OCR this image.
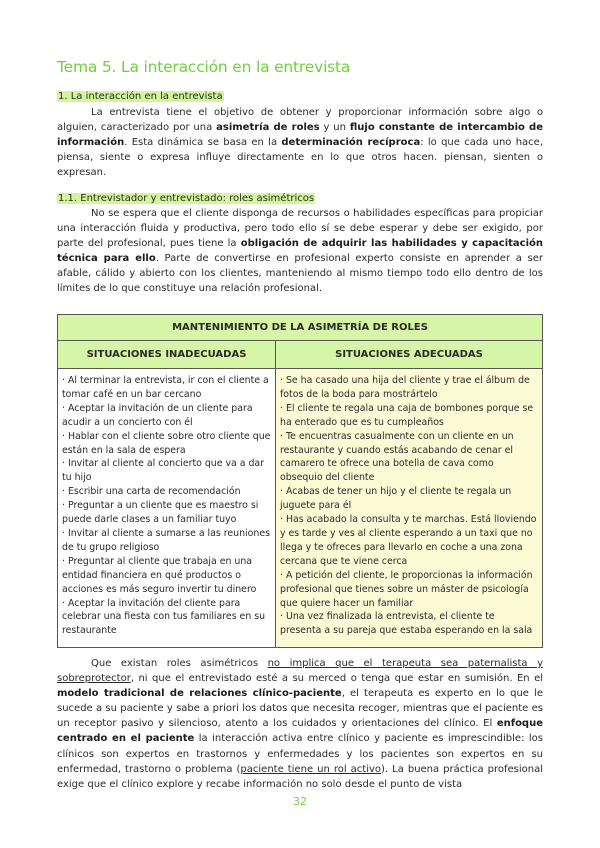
Tema 5. La interacción en la entrevista
1. La interacción en la entrevista
La entrevista tiene el objetivo de obtener y proporcionar información sobre algo o alguien, caracterizado por una asimetría de roles y un flujo constante de intercambio de información. Esta dinámica se basa en la determinación recíproca: lo que cada uno hace, piensa, siente o expresa influye directamente en lo que otros hacen. piensan, sienten o expresan.
1.1. Entrevistador y entrevistado: roles asimétricos
No se espera que el cliente disponga de recursos o habilidades específicas para propiciar una interacción fluida y productiva, pero todo ello sí se debe esperar y debe ser exigido, por parte del profesional, pues tiene la obligación de adquirir las habilidades y capacitación técnica para ello. Parte de convertirse en profesional experto consiste en aprender a ser afable, cálido y abierto con los clientes, manteniendo al mismo tiempo todo ello dentro de los límites de lo que constituye una relación profesional.
MANTENIMIENTO DE LA ASIMETRÍA DE ROLES
SITUACIONES INADECUADAS	SITUACIONES ADECUADAS
· Al terminar la entrevista, ir con el cliente a tomar café en un bar cercano
· Aceptar la invitación de un cliente para acudir a un concierto con él
· Hablar con el cliente sobre otro cliente que están en la sala de espera
· Invitar al cliente al concierto que va a dar tu hijo
· Escribir una carta de recomendación
· Preguntar a un cliente que es maestro si puede darle clases a un familiar tuyo
· Invitar al cliente a sumarse a las reuniones de tu grupo religioso
· Preguntar al cliente que trabaja en una entidad financiera en qué productos o acciones es más seguro invertir tu dinero
· Aceptar la invitación del cliente para celebrar una fiesta con tus familiares en su restaurante
· Se ha casado una hija del cliente y trae el álbum de fotos de la boda para mostrártelo
· El cliente te regala una caja de bombones porque se ha enterado que es tu cumpleaños
· Te encuentras casualmente con un cliente en un restaurante y cuando estás acabando de cenar el camarero te ofrece una botella de cava como obsequio del cliente
· Acabas de tener un hijo y el cliente te regala un juguete para él
· Has acabado la consulta y te marchas. Está lloviendo y es tarde y ves al cliente esperando a un taxi que no llega y te ofreces para llevarlo en coche a una zona cercana que te viene cerca
· A petición del cliente, le proporcionas la información profesional que tienes sobre un máster de psicología que quiere hacer un familiar
· Una vez finalizada la entrevista, el cliente te presenta a su pareja que estaba esperando en la sala
Que existan roles asimétricos no implica que el terapeuta sea paternalista y sobreprotector, ni que el entrevistado esté a su merced o tenga que estar en sumisión. En el modelo tradicional de relaciones clínico-paciente, el terapeuta es experto en lo que le sucede a su paciente y sabe a priori los datos que necesita recoger, mientras que el paciente es un receptor pasivo y silencioso, atento a los cuidados y orientaciones del clínico. El enfoque centrado en el paciente la interacción activa entre clínico y paciente es imprescindible: los clínicos son expertos en trastornos y enfermedades y los pacientes son expertos en su enfermedad, trastorno o problema (paciente tiene un rol activo). La buena práctica profesional exige que el clínico explore y recabe información no solo desde el punto de vista
32
